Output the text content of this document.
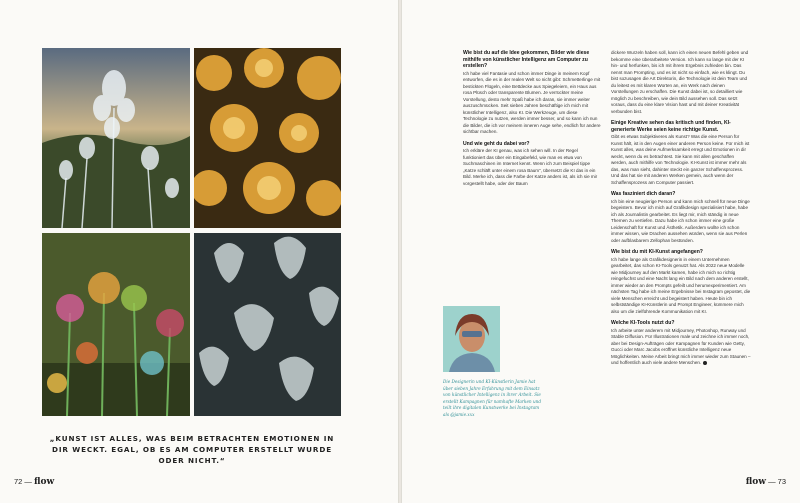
„KUNST IST ALLES, WAS BEIM BETRACHTEN EMOTIONEN IN DIR WECKT. EGAL, OB ES AM COMPUTER ERSTELLT WURDE ODER NICHT.“
72 — flow

Wie bist du auf die Idee gekommen, Bilder wie diese mithilfe von künstlicher Intelligenz am Computer zu erstellen?

Ich habe viel Fantasie und schon immer Dinge in meinem Kopf entworfen, die es in der realen Welt so nicht gibt: Schmetterlinge mit bestickten Flügeln, eine Bettdecke aus Spiegeleiern, ein Haus aus rosa Plüsch oder transparente Blumen. Je verrückter meine Vorstellung, desto mehr Spaß habe ich daran, sie immer weiter auszuschmücken. Seit sieben Jahren beschäftige ich mich mit künstlicher Intelligenz, also KI. Die Werkzeuge, um diese Technologie zu nutzen, werden immer besser, und so kann ich nun die Bilder, die ich vor meinem inneren Auge sehe, endlich für andere sichtbar machen.

Und wie geht du dabei vor?

Ich erkläre der KI genau, was ich sehen will. In der Regel funktioniert das über ein Eingabefeld, wie man es etwa von Suchmaschinen im Internet kennt. Wenn ich zum Beispiel tippe „Katze schläft unter einem rosa Baum“, übersetzt die KI das in ein Bild. Merke ich, dass die Farbe der Katze anders ist, als ich sie mir vorgestellt habe, oder der Baum

Die Designerin und KI-Künstlerin Jamie hat über sieben Jahre Erfahrung mit dem Einsatz von künstlicher Intelligenz in ihrer Arbeit. Sie erstellt Kampagnen für namhafte Marken und teilt ihre digitalen Kunstwerke bei Instagram als @jamie.xxx

dickere Wurzeln haben soll, kann ich einen neuen Befehl geben und bekomme eine überarbeitete Version. Ich kann so lange mit der KI hin- und herfunken, bis ich mit ihrem Ergebnis zufrieden bin. Das nennt man Prompting, und es ist nicht so einfach, wie es klingt. Du bist sozusagen die Art Direktorin, die Technologie ist dein Team und du leitest es mit klaren Worten an, ein Werk nach deinen Vorstellungen zu erschaffen. Die Kunst dabei ist, so detailliert wie möglich zu beschreiben, wie dein Bild aussehen soll. Das setzt voraus, dass du eine klare Vision hast und mit deiner Kreativität verbunden bist.

Einige Kreative sehen das kritisch und finden, KI-generierte Werke seien keine richtige Kunst.

Gibt es etwas Subjektiveres als Kunst? Was die eine Person für Kunst hält, ist in den Augen einer anderen Person keine. Für mich ist Kunst alles, was deine Aufmerksamkeit erregt und Emotionen in dir weckt, wenn du es betrachtest. Sie kann mit allen geschaffen werden, auch mithilfe von Technologie. KI-Kunst ist immer mehr als das, was man sieht, dahinter steckt ein ganzer Schaffensprozess. Und das hat sie mit anderen Werken gemein, auch wenn der Schaffensprozess am Computer passiert.

Was fasziniert dich daran?

Ich bin eine neugierige Person und kann mich schnell für neue Dinge begeistern. Bevor ich mich auf Grafikdesign spezialisiert habe, habe ich als Journalistin gearbeitet. Es liegt mir, mich ständig in neue Themen zu vertiefen. Dazu habe ich schon immer eine große Leidenschaft für Kunst und Ästhetik. Außerdem wollte ich schon immer wissen, wie Drachen aussehen würden, wenn sie aus Perlen oder aufblasbarem Zellophan bestünden.

Wie bist du mit KI-Kunst angefangen?

Ich habe lange als Grafikdesignerin in einem Unternehmen gearbeitet, das schon KI-Tools genutzt hat. Als 2022 neue Modelle wie Midjourney auf den Markt kamen, habe ich mich so richtig reingefuchst und eine Nacht lang ein Bild nach dem anderen erstellt, immer wieder an den Prompts gefeilt und herumexperimentiert. Am nächsten Tag habe ich meine Ergebnisse bei Instagram gepostet, die viele Menschen erreicht und begeistert haben. Heute bin ich selbstständige KI-Künstlerin und Prompt Engineer, kümmere mich also um die zielführende Kommunikation mit KI.

Welche KI-Tools nutzt du?

Ich arbeite unter anderem mit Midjourney, Photoshop, Runway und Stable Diffusion. Für Illustrationen male und zeichne ich immer noch, aber bei Design-Aufträgen oder Kampagnen für Kunden wie Getty, Gucci oder Marc Jacobs eröffnet künstliche Intelligenz neue Möglichkeiten. Meine Arbeit bringt mich immer wieder zum Staunen – und hoffentlich auch viele andere Menschen.

flow — 73
